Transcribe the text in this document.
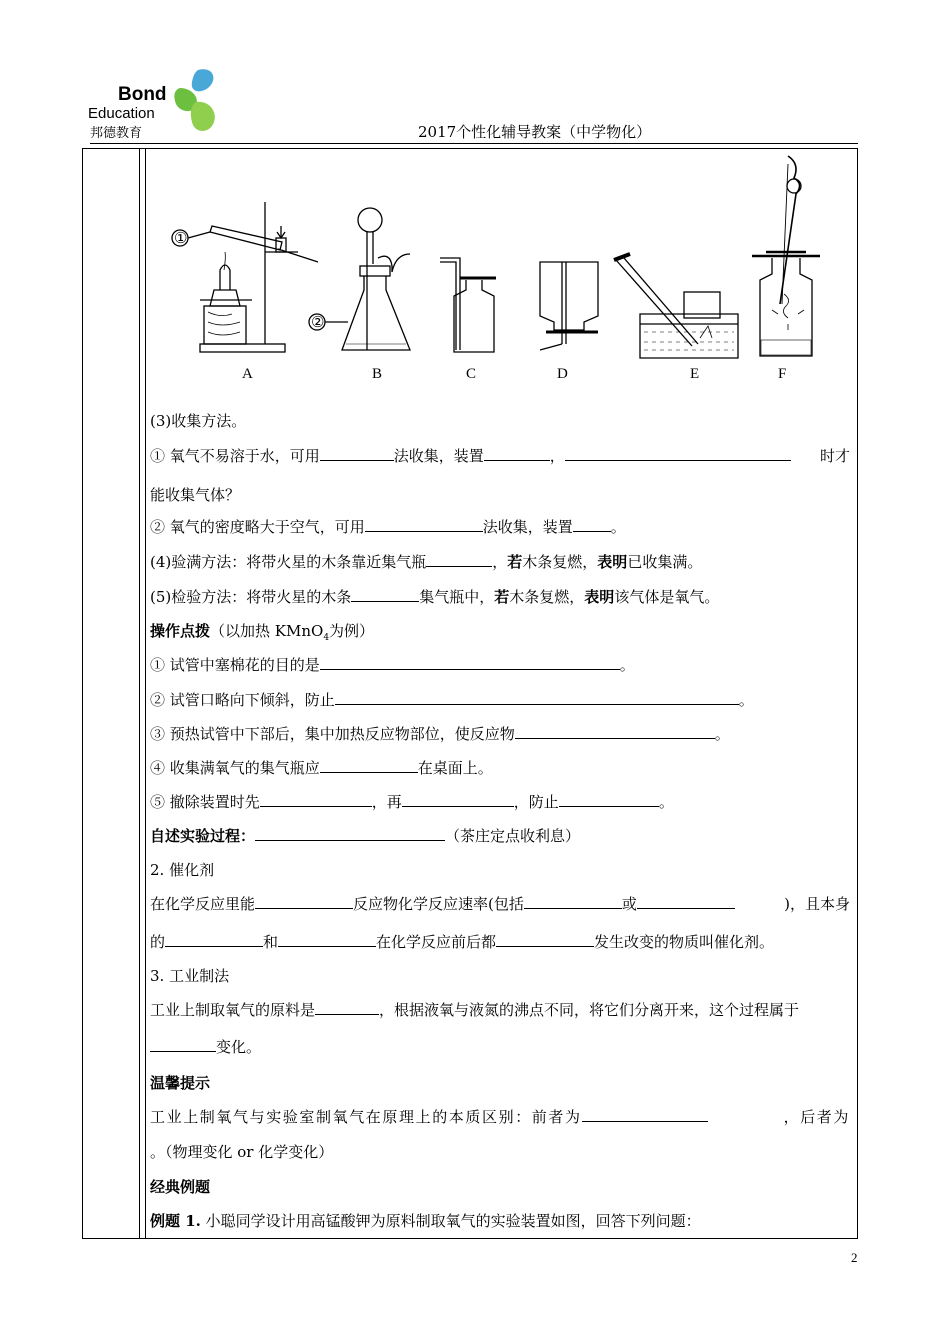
Bond
Education
邦德教育	2017个性化辅导教案（中学物化）
①
②
A	B	C	D	E	F
(3)收集方法。
① 氧气不易溶于水，可用	法收集，装置	，	时才
能收集气体？
② 氧气的密度略大于空气，可用	法收集，装置	。
(4)验满方法：将带火星的木条靠近集气瓶	，若木条复燃，表明已收集满。
(5)检验方法：将带火星的木条	集气瓶中，若木条复燃，表明该气体是氧气。
操作点拨（以加热 KMnO$_4$为例）
① 试管中塞棉花的目的是	。
② 试管口略向下倾斜，防止	。
③ 预热试管中下部后，集中加热反应物部位，使反应物	。
④ 收集满氧气的集气瓶应	在桌面上。
⑤ 撤除装置时先	，再	，防止	。
自述实验过程：	（茶庄定点收利息）
2. 催化剂
在化学反应里能	反应物化学反应速率(包括	或	)，且本身
的	和	在化学反应前后都	发生改变的物质叫催化剂。
3. 工业制法
工业上制取氧气的原料是	，根据液氧与液氮的沸点不同，将它们分离开来，这个过程属于
变化。
温馨提示
工业上制氧气与实验室制氧气在原理上的本质区别：前者为	，后者为
。（物理变化 or 化学变化）
经典例题
例题 1. 小聪同学设计用高锰酸钾为原料制取氧气的实验装置如图，回答下列问题：
2
